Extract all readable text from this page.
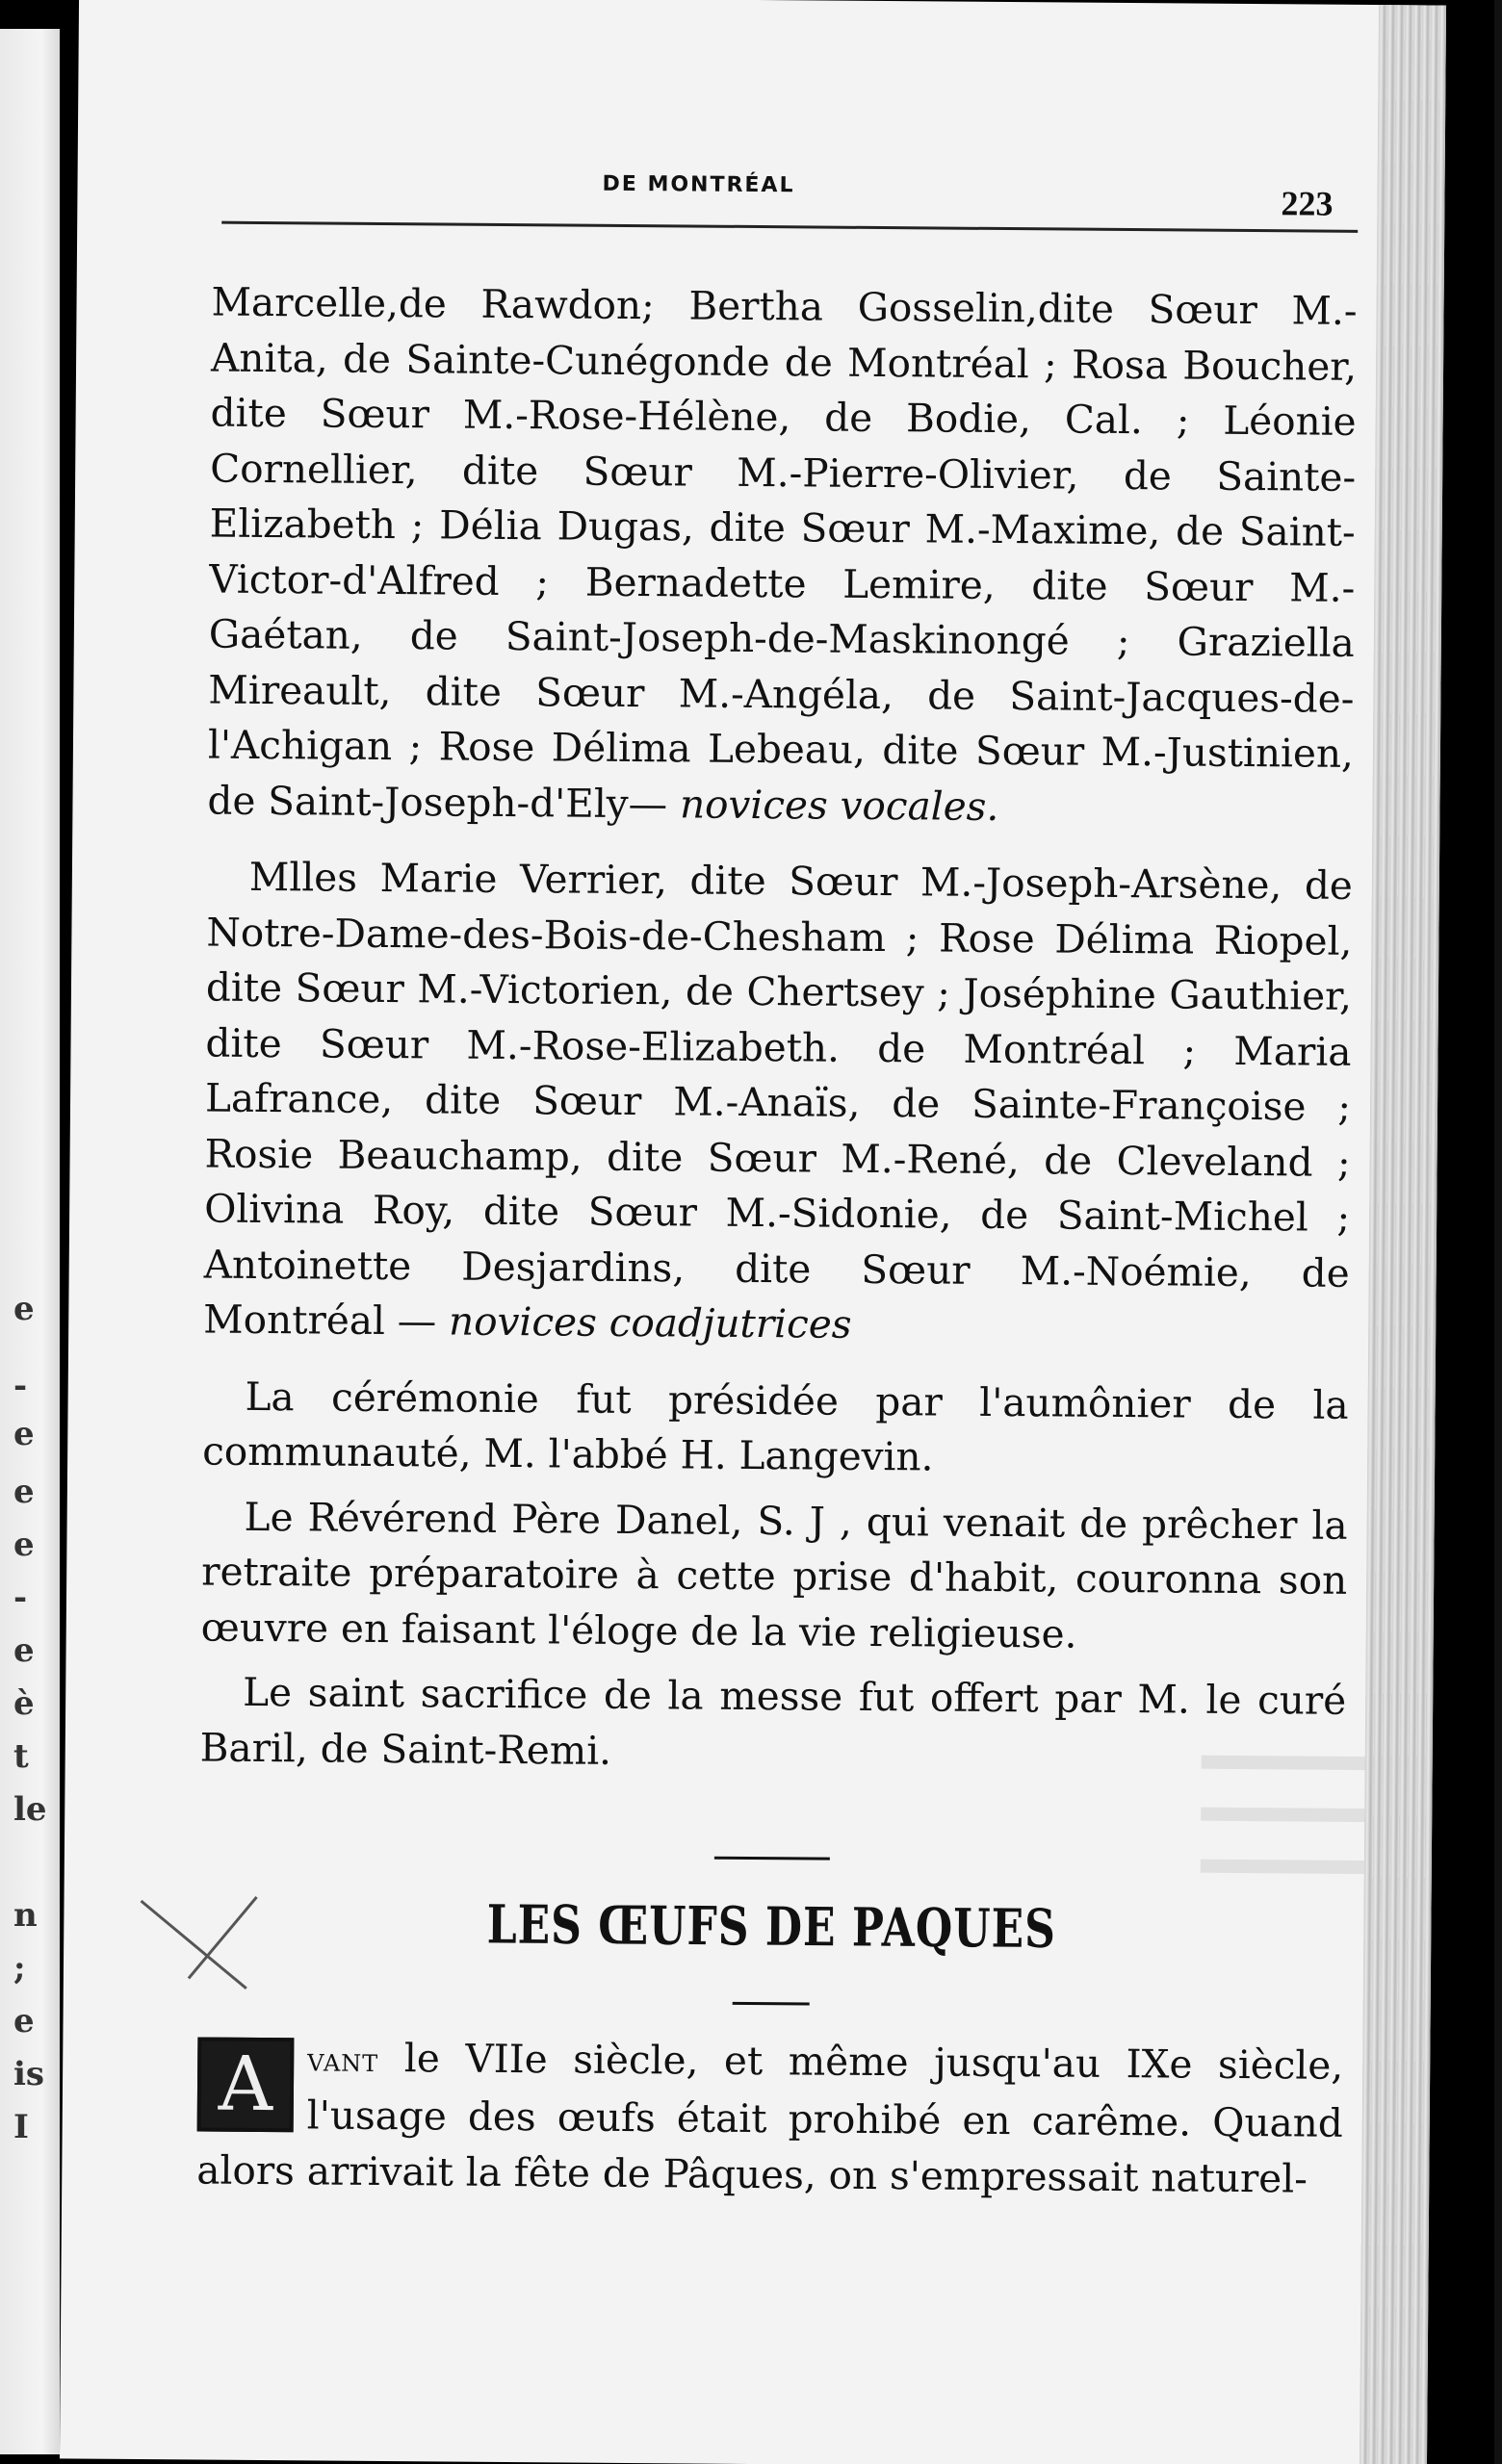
e
-
e
e
e
-
e
è
t
le
n
;
e
is
I
DE MONTRÉAL	223

Marcelle,de Rawdon; Bertha Gosselin,dite Sœur M.-Anita, de Sainte-Cunégonde de Montréal ; Rosa Boucher, dite Sœur M.-Rose-Hélène, de Bodie, Cal. ; Léonie Cornellier, dite Sœur M.-Pierre-Olivier, de Sainte-Elizabeth ; Délia Dugas, dite Sœur M.-Maxime, de Saint-Victor-d'Alfred ; Bernadette Lemire, dite Sœur M.-Gaétan, de Saint-Joseph-de-Maskinongé ; Graziella Mireault, dite Sœur M.-Angéla, de Saint-Jacques-de-l'Achigan ; Rose Délima Lebeau, dite Sœur M.-Justinien, de Saint-Joseph-d'Ely— novices vocales.

Mlles Marie Verrier, dite Sœur M.-Joseph-Arsène, de Notre-Dame-des-Bois-de-Chesham ; Rose Délima Riopel, dite Sœur M.-Victorien, de Chertsey ; Joséphine Gauthier, dite Sœur M.-Rose-Elizabeth. de Montréal ; Maria Lafrance, dite Sœur M.-Anaïs, de Sainte-Françoise ; Rosie Beauchamp, dite Sœur M.-René, de Cleveland ; Olivina Roy, dite Sœur M.-Sidonie, de Saint-Michel ; Antoinette Desjardins, dite Sœur M.-Noémie, de Montréal — novices coadjutrices

La cérémonie fut présidée par l'aumônier de la communauté, M. l'abbé H. Langevin.

Le Révérend Père Danel, S. J , qui venait de prêcher la retraite préparatoire à cette prise d'habit, couronna son œuvre en faisant l'éloge de la vie religieuse.

Le saint sacrifice de la messe fut offert par M. le curé Baril, de Saint-Remi.

LES ŒUFS DE PAQUES
A	vant le VIIe siècle, et même jusqu'au IXe siècle, l'usage des œufs était prohibé en carême. Quand alors arrivait la fête de Pâques, on s'empressait naturel-
